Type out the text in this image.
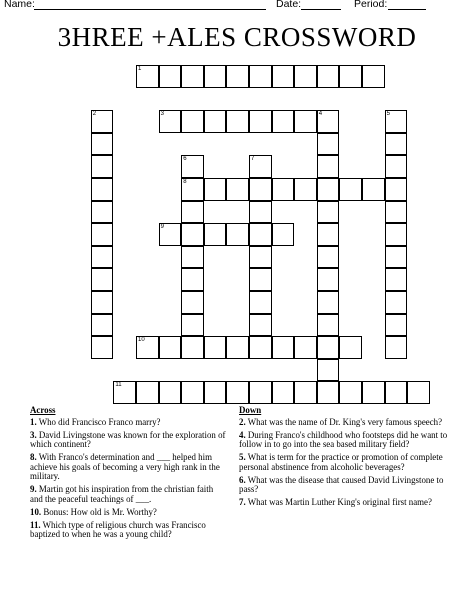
Name:	Date:	Period:
3HREE +ALES CROSSWORD
1
3
8
9
10
11
2	4	5
6	7
Across
1. Who did Francisco Franco marry?
3. David Livingstone was known for the exploration of which continent?
8. With Franco's determination and ___ helped him achieve his goals of becoming a very high rank in the military.
9. Martin got his inspiration from the christian faith and the peaceful teachings of ___.
10. Bonus: How old is Mr. Worthy?
11. Which type of religious church was Francisco baptized to when he was a young child?
Down
2. What was the name of Dr. King's very famous speech?
4. During Franco's childhood who footsteps did he want to follow in to go into the sea based military field?
5. What is term for the practice or promotion of complete personal abstinence from alcoholic beverages?
6. What was the disease that caused David Livingstone to pass?
7. What was Martin Luther King's original first name?
